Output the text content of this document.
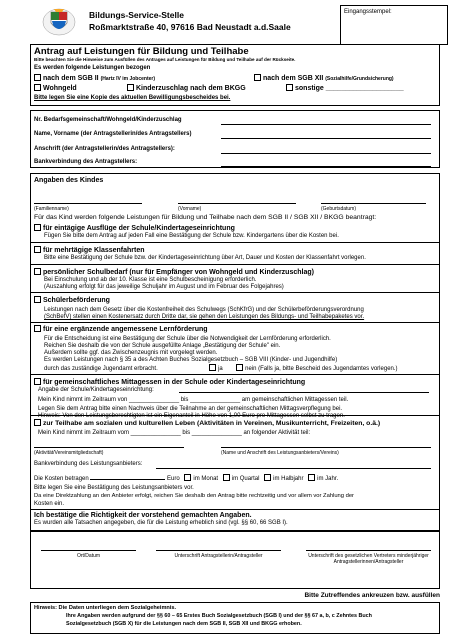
Bildungs-Service-Stelle
Roßmarktstraße 40, 97616 Bad Neustadt a.d.Saale
Eingangsstempel:
Antrag auf Leistungen für Bildung und Teilhabe
Bitte beachten Sie die Hinweise zum Ausfüllen des Antrages auf Leistungen für Bildung und Teilhabe auf der Rückseite.
Es werden folgende Leistungen bezogen
nach dem SGB II (Hartz IV im Jobcenter)	nach dem SGB XII (Sozialhilfe/Grundsicherung)
Wohngeld	Kinderzuschlag nach dem BKGG	sonstige ____________________
Bitte legen Sie eine Kopie des aktuellen Bewilligungsbescheides bei.
Nr. Bedarfsgemeinschaft/Wohngeld/Kinderzuschlag
Name, Vorname (der Antragstellerin/des Antragstellers)
Anschrift (der Antragstellerin/des Antragstellers):
Bankverbindung des Antragstellers:
Angaben des Kindes
(Familienname)	(Vorname)	(Geburtsdatum)
Für das Kind werden folgende Leistungen für Bildung und Teilhabe nach dem SGB II / SGB XII / BKGG beantragt:
für eintägige Ausflüge der Schule/Kindertageseinrichtung
Fügen Sie bitte dem Antrag auf jeden Fall eine Bestätigung der Schule bzw. Kindergartens über die Kosten bei.
für mehrtägige Klassenfahrten
Bitte eine Bestätigung der Schule bzw. der Kindertageseinrichtung über Art, Dauer und Kosten der Klassenfahrt vorlegen.
persönlicher Schulbedarf (nur für Empfänger von Wohngeld und Kinderzuschlag)
Bei Einschulung und ab der 10. Klasse ist eine Schulbescheinigung erforderlich.
(Auszahlung erfolgt für das jeweilige Schuljahr im August und im Februar des Folgejahres)
Schülerbeförderung
Leistungen nach dem Gesetz über die Kostenfreiheit des Schulwegs (SchKfrG) und der Schülerbeförderungsverordnung
(SchBefV) stellen einen Kostenersatz durch Dritte dar, sie gehen den Leistungen des Bildungs- und Teilhabepaketes vor.
für eine ergänzende angemessene Lernförderung
Für die Entscheidung ist eine Bestätigung der Schule über die Notwendigkeit der Lernförderung erforderlich.
Reichen Sie deshalb die von der Schule ausgefüllte Anlage „Bestätigung der Schule" ein.
Außerdem sollte ggf. das Zwischenzeugnis mit vorgelegt werden.
Es werden Leistungen nach § 35 a des Achten Buches Sozialgesetzbuch – SGB VIII (Kinder- und Jugendhilfe)
durch das zuständige Jugendamt erbracht.	ja	nein (Falls ja, bitte Bescheid des Jugendamtes vorlegen.)
für gemeinschaftliches Mittagessen in der Schule oder Kindertageseinrichtung
Angabe der Schule/Kindertageseinrichtung:
Mein Kind nimmt im Zeitraum von _______________ bis _______________ am gemeinschaftlichen Mittagessen teil.
Legen Sie dem Antrag bitte einen Nachweis über die Teilnahme an der gemeinschaftlichen Mittagsverpflegung bei.
Hinweis: Von den Leistungsberechtigten ist ein Eigenanteil in Höhe von 1,00 Euro pro Mittagessen selbst zu tragen.
zur Teilhabe am sozialen und kulturellen Leben (Aktivitäten in Vereinen, Musikunterricht, Freizeiten, o.ä.)
Mein Kind nimmt im Zeitraum vom _______________ bis _______________ an folgender Aktivität teil:
(Aktivität/Vereinsmitgliedschaft)	(Name und Anschrift des Leistungsanbieters/Vereins)
Bankverbindung des Leistungsanbieters:
Die Kosten betragen	Euro im Monat im Quartal im Halbjahr im Jahr.
Bitte legen Sie eine Bestätigung des Leistungsanbieters vor.
Da eine Direktzahlung an den Anbieter erfolgt, reichen Sie deshalb den Antrag bitte rechtzeitig und vor allem vor Zahlung der
Kosten ein.
Ich bestätige die Richtigkeit der vorstehend gemachten Angaben.
Es wurden alle Tatsachen angegeben, die für die Leistung erheblich sind (vgl. §§ 60, 66 SGB I).
Ort/Datum	Unterschrift Antragstellerin/Antragsteller	Unterschrift des gesetzlichen Vertreters minderjähriger Antragstellerinnen/Antragsteller
Bitte Zutreffendes ankreuzen bzw. ausfüllen
Hinweis: Die Daten unterliegen dem Sozialgeheimnis.
Ihre Angaben werden aufgrund der §§ 60 – 65 Erstes Buch Sozialgesetzbuch (SGB I) und der §§ 67 a, b, c Zehntes Buch
Sozialgesetzbuch (SGB X) für die Leistungen nach dem SGB II, SGB XII und BKGG erhoben.
